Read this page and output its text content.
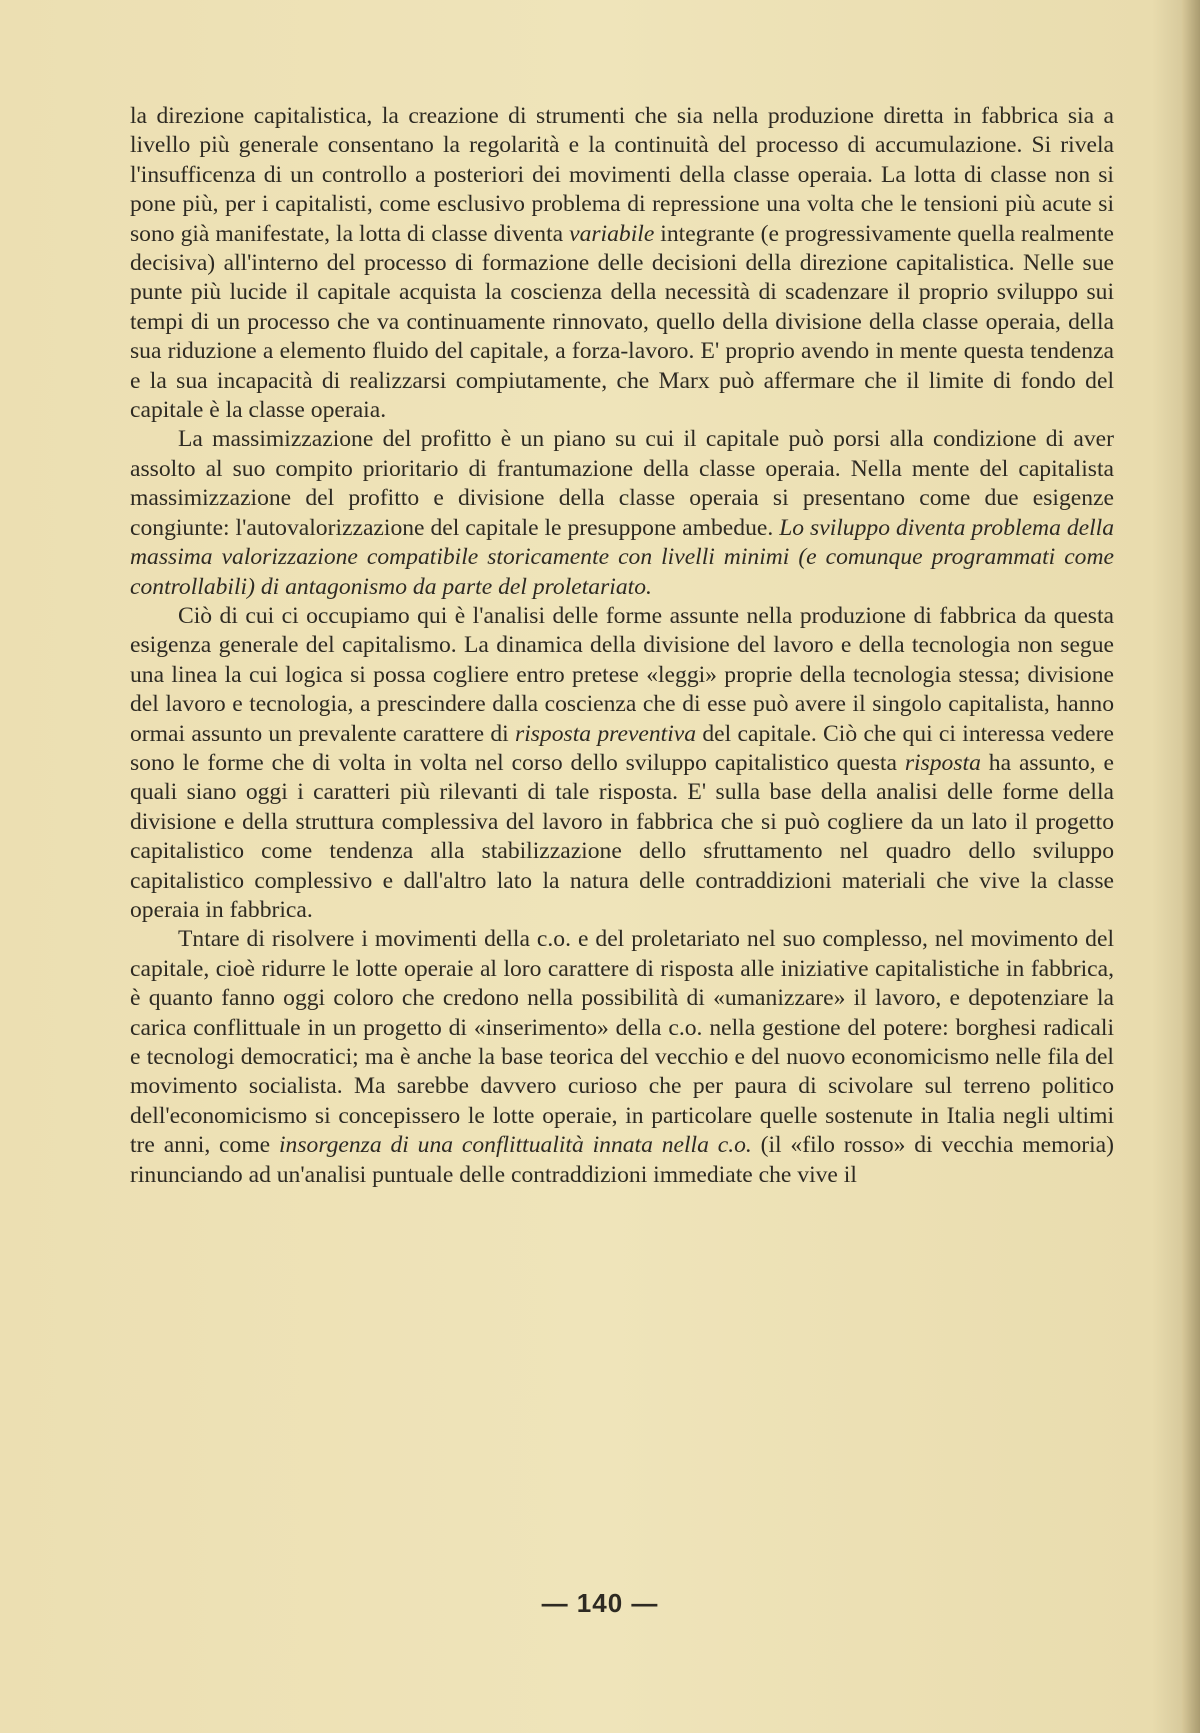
la direzione capitalistica, la creazione di strumenti che sia nella produzione diretta in fabbrica sia a livello più generale consentano la regolarità e la continuità del processo di accumulazione. Si rivela l'insufficenza di un controllo a posteriori dei movimenti della classe operaia. La lotta di classe non si pone più, per i capitalisti, come esclusivo problema di repressione una volta che le tensioni più acute si sono già manifestate, la lotta di classe diventa variabile integrante (e progressivamente quella realmente decisiva) all'interno del processo di formazione delle decisioni della direzione capitalistica. Nelle sue punte più lucide il capitale acquista la coscienza della necessità di scadenzare il proprio sviluppo sui tempi di un processo che va continuamente rinnovato, quello della divisione della classe operaia, della sua riduzione a elemento fluido del capitale, a forza-lavoro. E' proprio avendo in mente questa tendenza e la sua incapacità di realizzarsi compiutamente, che Marx può affermare che il limite di fondo del capitale è la classe operaia.

La massimizzazione del profitto è un piano su cui il capitale può porsi alla condizione di aver assolto al suo compito prioritario di frantumazione della classe operaia. Nella mente del capitalista massimizzazione del profitto e divisione della classe operaia si presentano come due esigenze congiunte: l'autovalorizzazione del capitale le presuppone ambedue. Lo sviluppo diventa problema della massima valorizzazione compatibile storicamente con livelli minimi (e comunque programmati come controllabili) di antagonismo da parte del proletariato.

Ciò di cui ci occupiamo qui è l'analisi delle forme assunte nella produzione di fabbrica da questa esigenza generale del capitalismo. La dinamica della divisione del lavoro e della tecnologia non segue una linea la cui logica si possa cogliere entro pretese «leggi» proprie della tecnologia stessa; divisione del lavoro e tecnologia, a prescindere dalla coscienza che di esse può avere il singolo capitalista, hanno ormai assunto un prevalente carattere di risposta preventiva del capitale. Ciò che qui ci interessa vedere sono le forme che di volta in volta nel corso dello sviluppo capitalistico questa risposta ha assunto, e quali siano oggi i caratteri più rilevanti di tale risposta. E' sulla base della analisi delle forme della divisione e della struttura complessiva del lavoro in fabbrica che si può cogliere da un lato il progetto capitalistico come tendenza alla stabilizzazione dello sfruttamento nel quadro dello sviluppo capitalistico complessivo e dall'altro lato la natura delle contraddizioni materiali che vive la classe operaia in fabbrica.

Tntare di risolvere i movimenti della c.o. e del proletariato nel suo complesso, nel movimento del capitale, cioè ridurre le lotte operaie al loro carattere di risposta alle iniziative capitalistiche in fabbrica, è quanto fanno oggi coloro che credono nella possibilità di «umanizzare» il lavoro, e depotenziare la carica conflittuale in un progetto di «inserimento» della c.o. nella gestione del potere: borghesi radicali e tecnologi democratici; ma è anche la base teorica del vecchio e del nuovo economicismo nelle fila del movimento socialista. Ma sarebbe davvero curioso che per paura di scivolare sul terreno politico dell'economicismo si concepissero le lotte operaie, in particolare quelle sostenute in Italia negli ultimi tre anni, come insorgenza di una conflittualità innata nella c.o. (il «filo rosso» di vecchia memoria) rinunciando ad un'analisi puntuale delle contraddizioni immediate che vive il

— 140 —
